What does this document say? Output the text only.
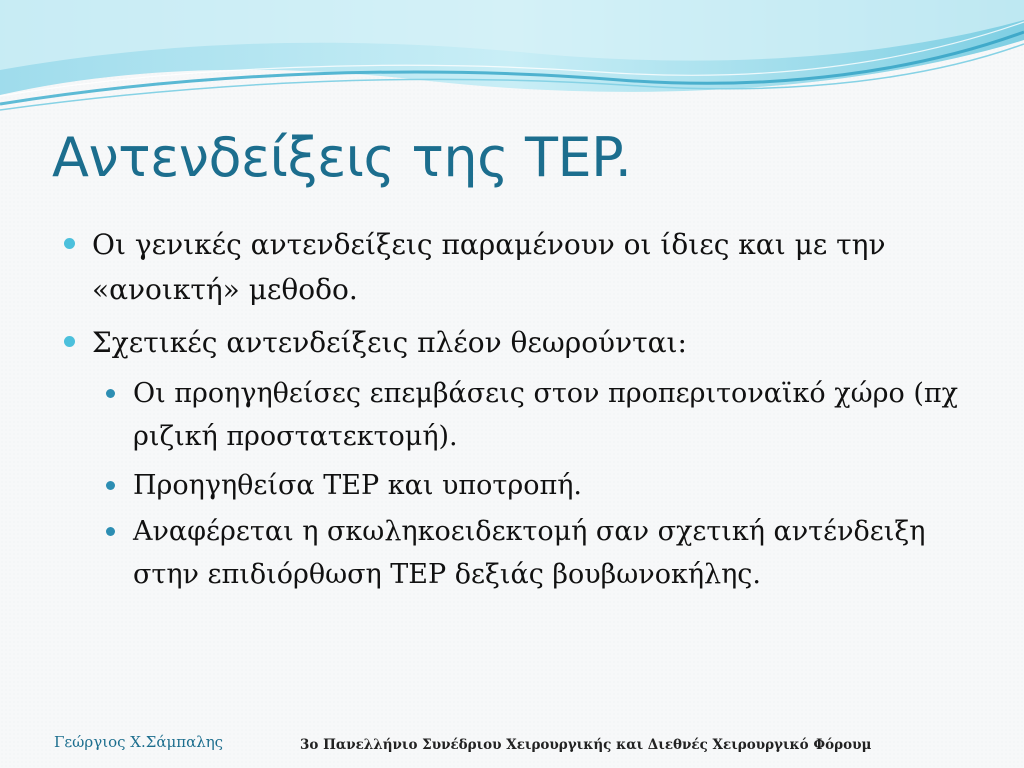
Αντενδείξεις της TEP.
Οι γενικές αντενδείξεις παραμένουν οι ίδιες και με την «ανοικτή» μεθοδο.
Σχετικές αντενδείξεις πλέον θεωρούνται:
Οι προηγηθείσες επεμβάσεις στον προπεριτοναϊκό χώρο (πχ ριζική προστατεκτομή).
Προηγηθείσα TEP και υποτροπή.
Αναφέρεται η σκωληκοειδεκτομή σαν σχετική αντένδειξη στην επιδιόρθωση TEP δεξιάς βουβωνοκήλης.
Γεώργιος Χ.Σάμπαλης	3ο Πανελλήνιο Συνέδριου Χειρουργικής και Διεθνές Χειρουργικό Φόρουμ
